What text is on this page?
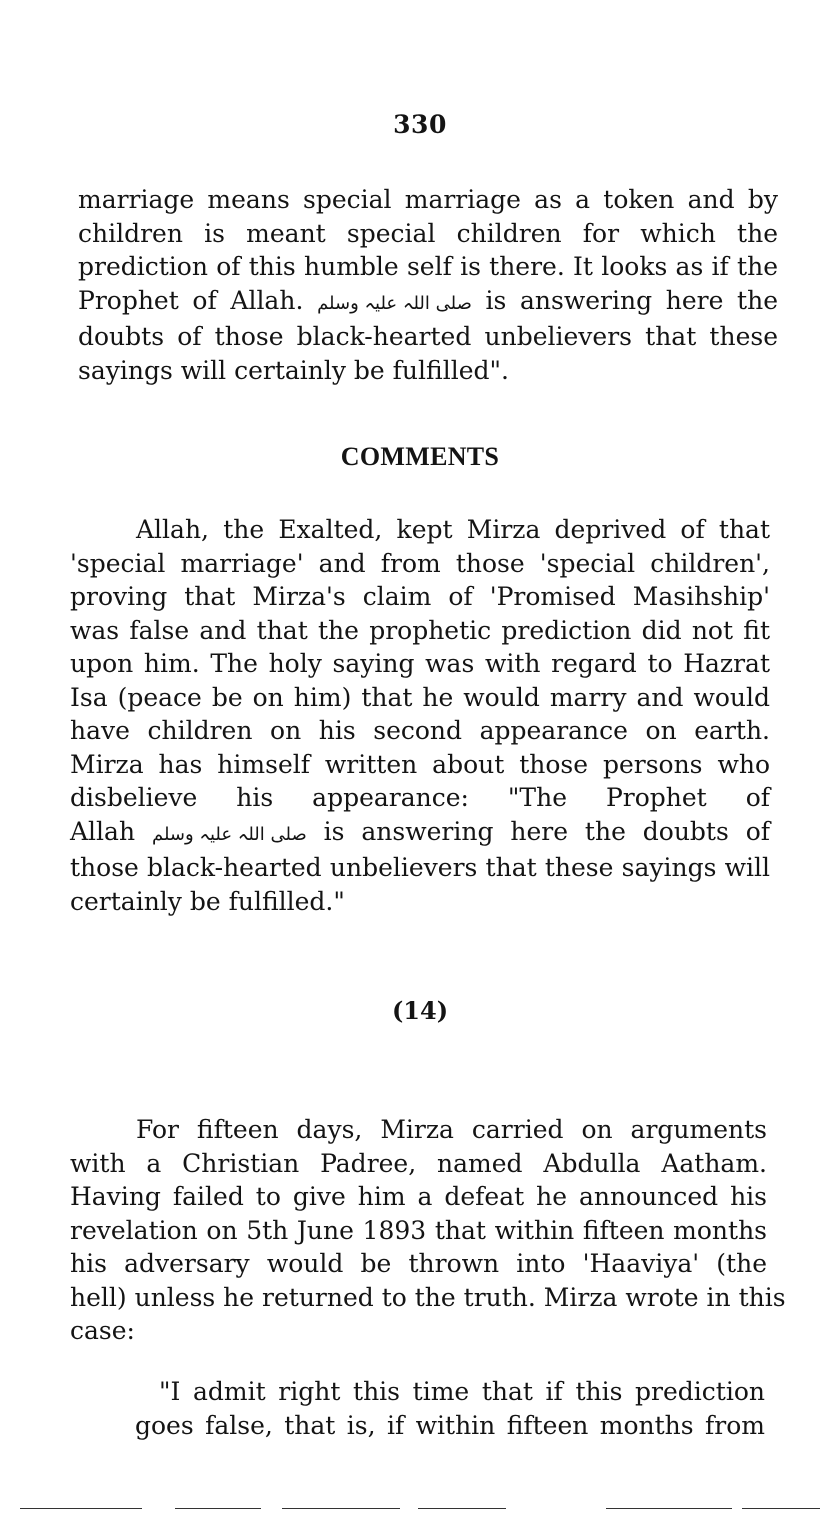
330
marriage means special marriage as a token and by
children is meant special children for which the
prediction of this humble self is there. It looks as if the
Prophet of Allah. صلی اللہ علیہ وسلم is answering here the
doubts of those black-hearted unbelievers that these
sayings will certainly be fulfilled".
COMMENTS
Allah, the Exalted, kept Mirza deprived of that
'special marriage' and from those 'special children',
proving that Mirza's claim of 'Promised Masihship'
was false and that the prophetic prediction did not fit
upon him. The holy saying was with regard to Hazrat
Isa (peace be on him) that he would marry and would
have children on his second appearance on earth.
Mirza has himself written about those persons who
disbelieve his appearance: "The Prophet of
Allah صلی اللہ علیہ وسلم is answering here the doubts of
those black-hearted unbelievers that these sayings will
certainly be fulfilled."
(14)
For fifteen days, Mirza carried on arguments
with a Christian Padree, named Abdulla Aatham.
Having failed to give him a defeat he announced his
revelation on 5th June 1893 that within fifteen months
his adversary would be thrown into 'Haaviya' (the
hell) unless he returned to the truth. Mirza wrote in this
case:
"I admit right this time that if this prediction
goes false, that is, if within fifteen months from
